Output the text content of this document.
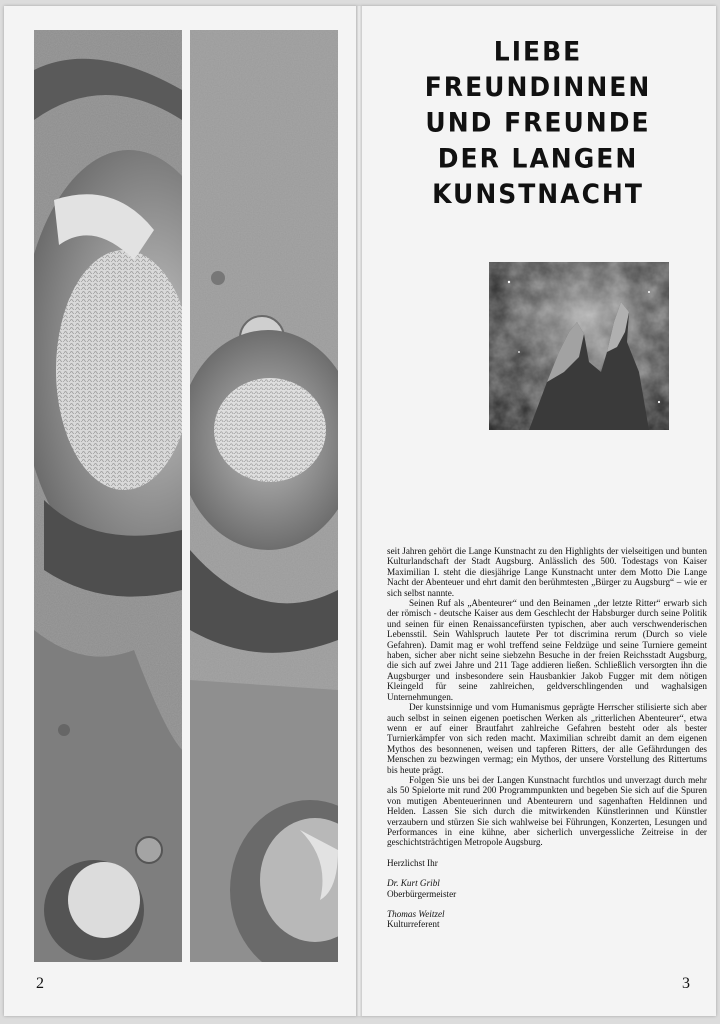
2
LIEBE
FREUNDINNEN
UND FREUNDE
DER LANGEN
KUNSTNACHT

seit Jahren gehört die Lange Kunstnacht zu den Highlights der vielseitigen und bunten Kulturlandschaft der Stadt Augsburg. Anlässlich des 500. Todestags von Kaiser Maximilian I. steht die diesjährige Lange Kunstnacht unter dem Motto Die Lange Nacht der Abenteuer und ehrt damit den berühmtesten „Bürger zu Augsburg“ – wie er sich selbst nannte.

Seinen Ruf als „Abenteurer“ und den Beinamen „der letzte Ritter“ erwarb sich der römisch - deutsche Kaiser aus dem Geschlecht der Habsburger durch seine Politik und seinen für einen Renaissancefürsten typischen, aber auch verschwenderischen Lebensstil. Sein Wahlspruch lautete Per tot discrimina rerum (Durch so viele Gefahren). Damit mag er wohl treffend seine Feldzüge und seine Turniere gemeint haben, sicher aber nicht seine siebzehn Besuche in der freien Reichsstadt Augsburg, die sich auf zwei Jahre und 211 Tage addieren ließen. Schließlich versorgten ihn die Augsburger und insbesondere sein Hausbankier Jakob Fugger mit dem nötigen Kleingeld für seine zahlreichen, geldverschlingenden und waghalsigen Unternehmungen.

Der kunstsinnige und vom Humanismus geprägte Herrscher stilisierte sich aber auch selbst in seinen eigenen poetischen Werken als „ritterlichen Abenteurer“, etwa wenn er auf einer Brautfahrt zahlreiche Gefahren besteht oder als bester Turnierkämpfer von sich reden macht. Maximilian schreibt damit an dem eigenen Mythos des besonnenen, weisen und tapferen Ritters, der alle Gefährdungen des Menschen zu bezwingen vermag; ein Mythos, der unsere Vorstellung des Rittertums bis heute prägt.

Folgen Sie uns bei der Langen Kunstnacht furchtlos und unverzagt durch mehr als 50 Spielorte mit rund 200 Programmpunkten und begeben Sie sich auf die Spuren von mutigen Abenteuerinnen und Abenteurern und sagenhaften Heldinnen und Helden. Lassen Sie sich durch die mitwirkenden Künstlerinnen und Künstler verzaubern und stürzen Sie sich wahlweise bei Führungen, Konzerten, Lesungen und Performances in eine kühne, aber sicherlich unvergessliche Zeitreise in der geschichtsträchtigen Metropole Augsburg.

Herzlichst Ihr

Dr. Kurt Gribl
Oberbürgermeister
Thomas Weitzel
Kulturreferent
3
